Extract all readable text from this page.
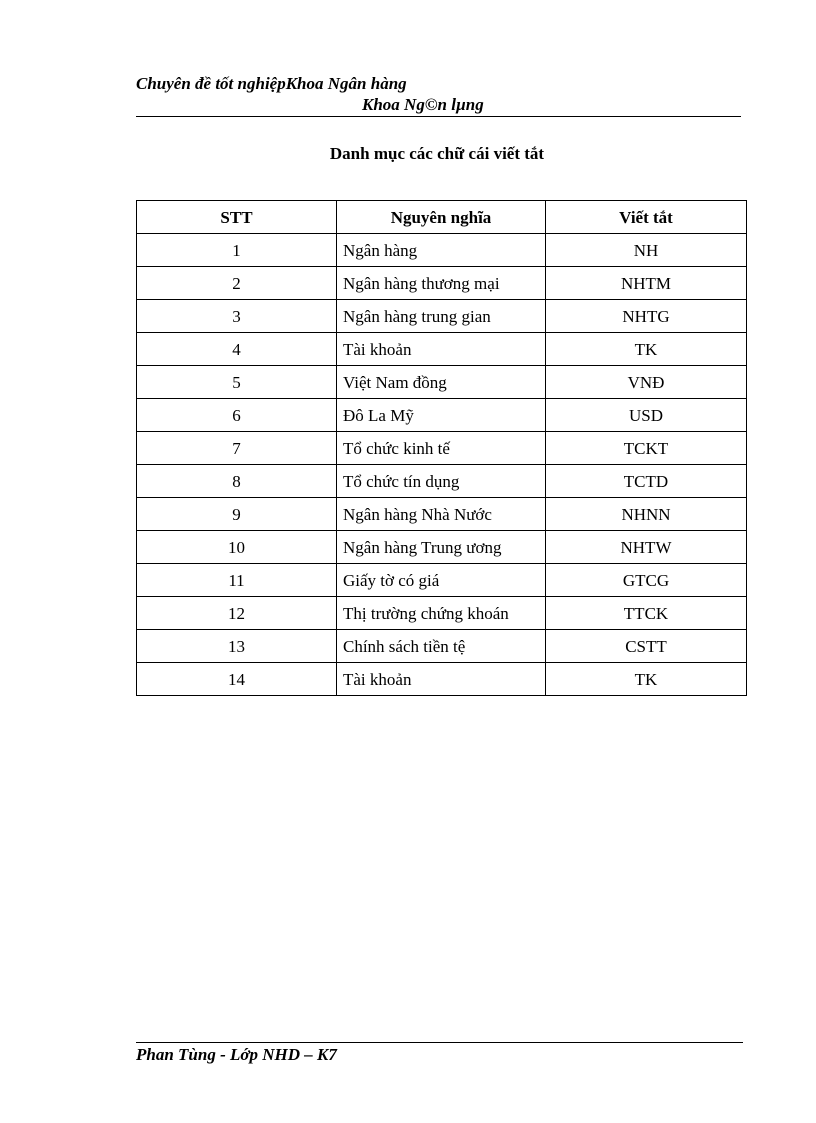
Chuyên đề tốt nghiệpKhoa Ngân hàng
Khoa Ng©n lµng
Danh mục các chữ cái viết tắt
STT	Nguyên nghĩa	Viết tắt
1	Ngân hàng	NH
2	Ngân hàng thương mại	NHTM
3	Ngân hàng trung gian	NHTG
4	Tài khoản	TK
5	Việt Nam đồng	VNĐ
6	Đô La Mỹ	USD
7	Tổ chức kinh tế	TCKT
8	Tổ chức tín dụng	TCTD
9	Ngân hàng Nhà Nước	NHNN
10	Ngân hàng Trung ương	NHTW
11	Giấy tờ có giá	GTCG
12	Thị trường chứng khoán	TTCK
13	Chính sách tiền tệ	CSTT
14	Tài khoản	TK
Phan Tùng - Lớp NHD – K7
